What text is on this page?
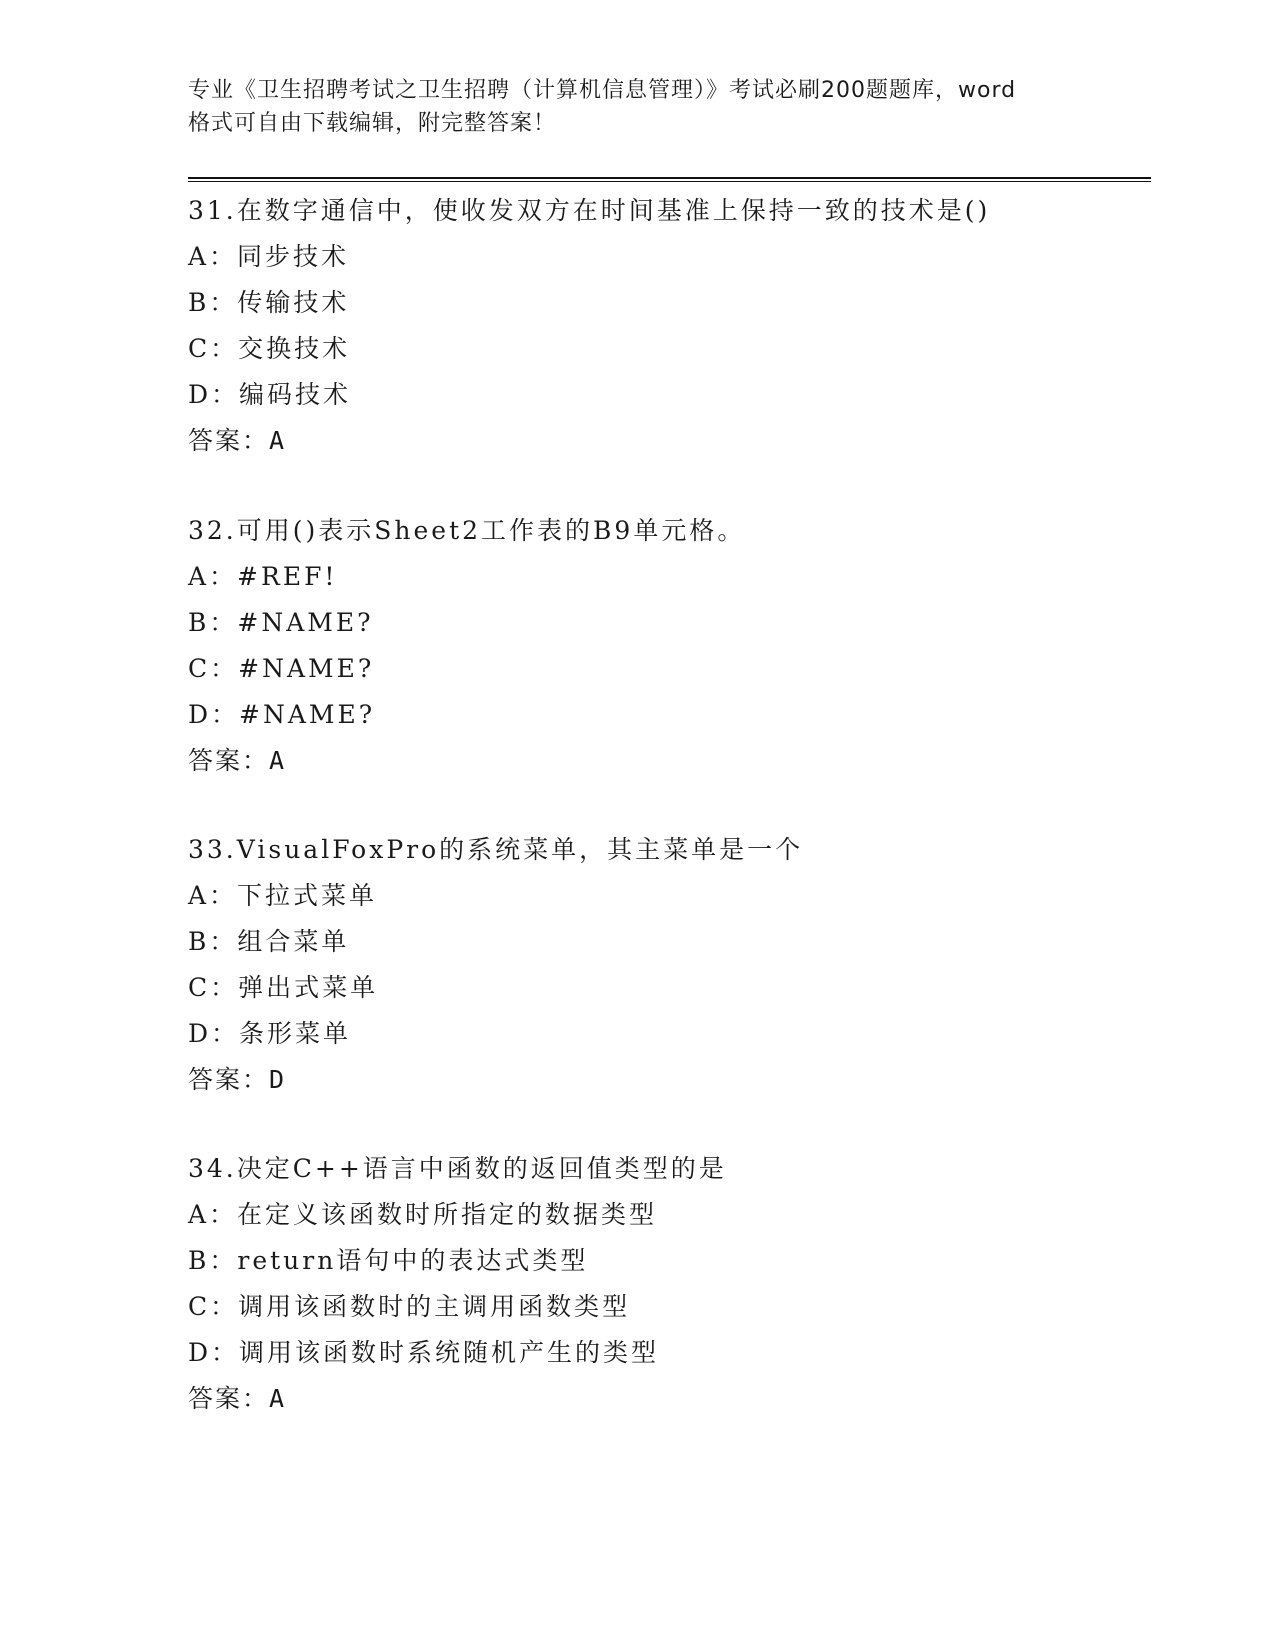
专业《卫生招聘考试之卫生招聘（计算机信息管理）》考试必刷200题题库，word
格式可自由下载编辑，附完整答案！
31.在数字通信中，使收发双方在时间基准上保持一致的技术是()
A：同步技术
B：传输技术
C：交换技术
D：编码技术
答案：A
32.可用()表示Sheet2工作表的B9单元格。
A：#REF!
B：#NAME?
C：#NAME?
D：#NAME?
答案：A
33.VisualFoxPro的系统菜单，其主菜单是一个
A：下拉式菜单
B：组合菜单
C：弹出式菜单
D：条形菜单
答案：D
34.决定C++语言中函数的返回值类型的是
A：在定义该函数时所指定的数据类型
B：return语句中的表达式类型
C：调用该函数时的主调用函数类型
D：调用该函数时系统随机产生的类型
答案：A
